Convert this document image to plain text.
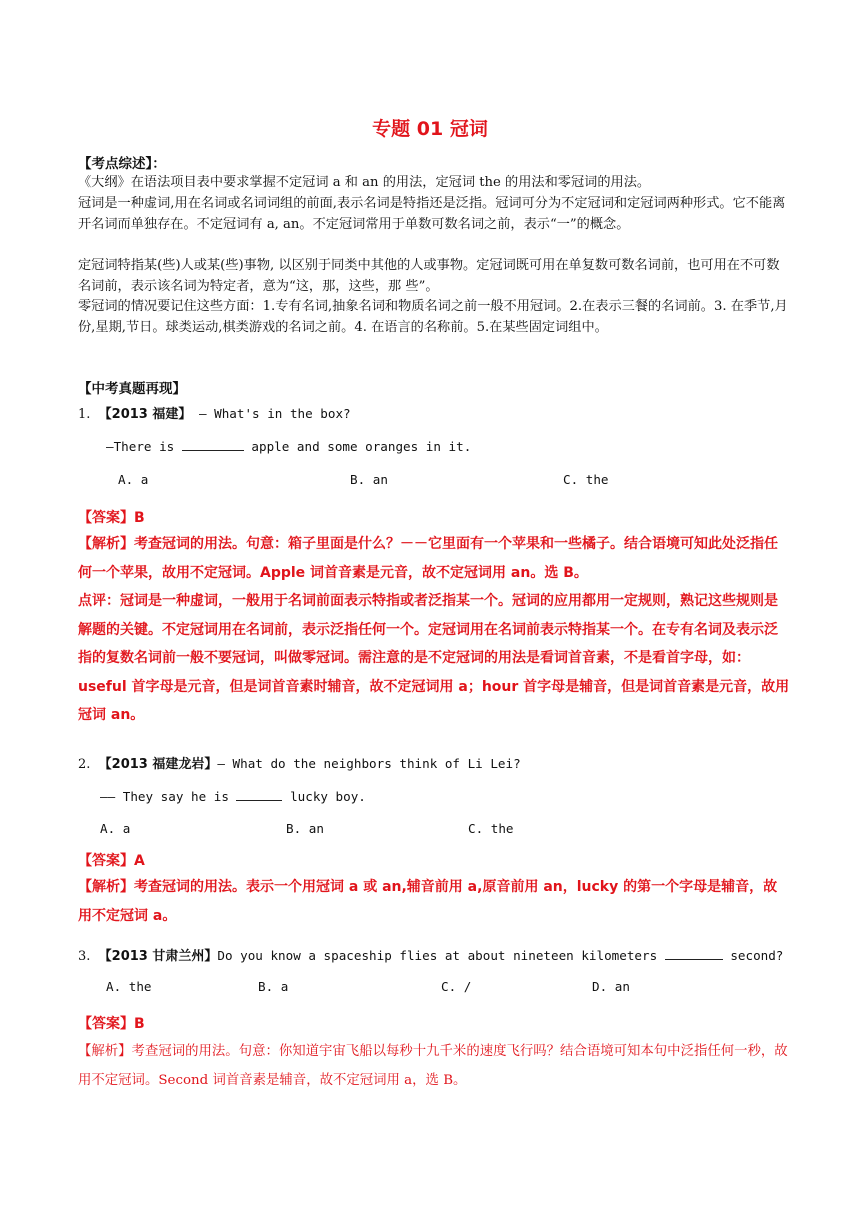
专题 01 冠词
【考点综述】：

《大纲》在语法项目表中要求掌握不定冠词 a 和 an 的用法，定冠词 the 的用法和零冠词的用法。

冠词是一种虚词,用在名词或名词词组的前面,表示名词是特指还是泛指。冠词可分为不定冠词和定冠词两种形式。它不能离开名词而单独存在。不定冠词有 a, an。不定冠词常用于单数可数名词之前，表示“一”的概念。

定冠词特指某(些)人或某(些)事物, 以区别于同类中其他的人或事物。定冠词既可用在单复数可数名词前，也可用在不可数名词前，表示该名词为特定者，意为“这，那，这些，那 些”。

零冠词的情况要记住这些方面：1.专有名词,抽象名词和物质名词之前一般不用冠词。2.在表示三餐的名词前。3. 在季节,月份,星期,节日。球类运动,棋类游戏的名词之前。4. 在语言的名称前。5.在某些固定词组中。

【中考真题再现】
1. 【2013 福建】 — What's in the box?
—There is	apple and some oranges in it.
A. a	B. an	C. the
【答案】B

【解析】考查冠词的用法。句意：箱子里面是什么？－－它里面有一个苹果和一些橘子。结合语境可知此处泛指任何一个苹果，故用不定冠词。Apple 词首音素是元音，故不定冠词用 an。选 B。

点评：冠词是一种虚词，一般用于名词前面表示特指或者泛指某一个。冠词的应用都用一定规则，熟记这些规则是解题的关键。不定冠词用在名词前，表示泛指任何一个。定冠词用在名词前表示特指某一个。在专有名词及表示泛指的复数名词前一般不要冠词，叫做零冠词。需注意的是不定冠词的用法是看词首音素，不是看首字母，如：useful 首字母是元音，但是词首音素时辅音，故不定冠词用 a；hour 首字母是辅音，但是词首音素是元音，故用冠词 an。

2. 【2013 福建龙岩】— What do the neighbors think of Li Lei?
—— They say he is	lucky boy.
A. a	B. an	C. the
【答案】A

【解析】考查冠词的用法。表示一个用冠词 a 或 an,辅音前用 a,原音前用 an，lucky 的第一个字母是辅音，故用不定冠词 a。

3. 【2013 甘肃兰州】Do you know a spaceship flies at about nineteen kilometers	second?
A. the	B. a	C. /	D. an
【答案】B

【解析】考查冠词的用法。句意：你知道宇宙飞船以每秒十九千米的速度飞行吗？结合语境可知本句中泛指任何一秒，故用不定冠词。Second 词首音素是辅音，故不定冠词用 a，选 B。
